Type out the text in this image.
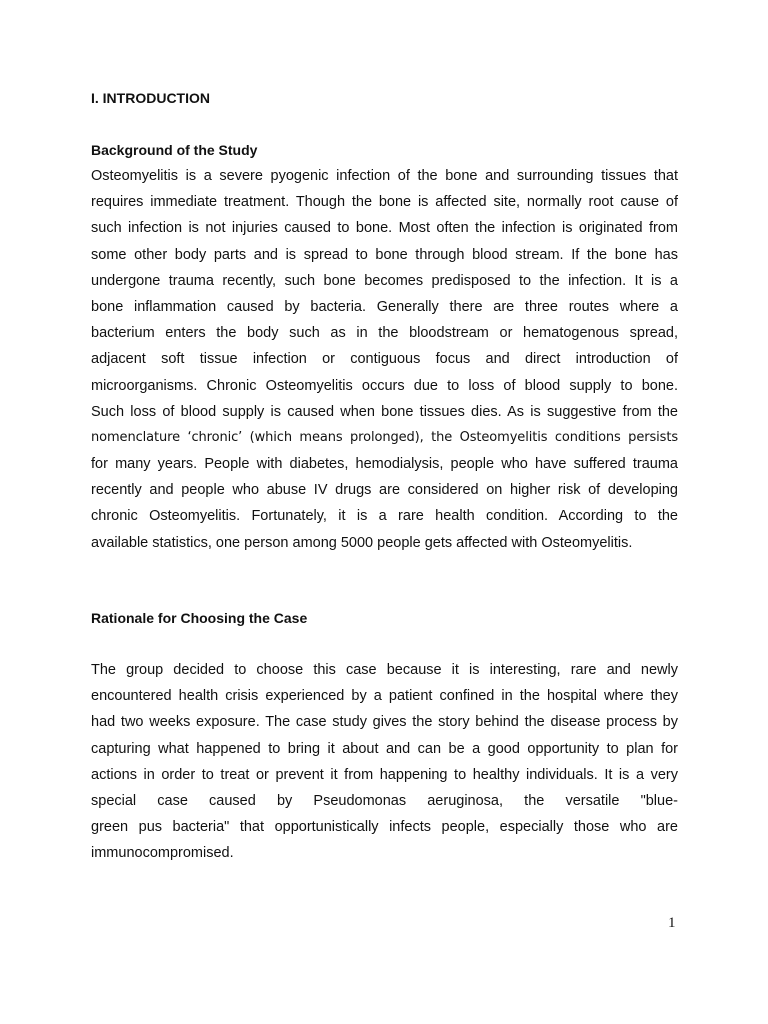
I. INTRODUCTION
Background of the Study
Osteomyelitis is a severe pyogenic infection of the bone and surrounding tissues that
requires immediate treatment. Though the bone is affected site, normally root cause of
such infection is not injuries caused to bone. Most often the infection is originated from
some other body parts and is spread to bone through blood stream. If the bone has
undergone trauma recently, such bone becomes predisposed to the infection. It is a
bone inflammation caused by bacteria. Generally there are three routes where a
bacterium enters the body such as in the bloodstream or hematogenous spread,
adjacent soft tissue infection or contiguous focus and direct introduction of
microorganisms. Chronic Osteomyelitis occurs due to loss of blood supply to bone.
Such loss of blood supply is caused when bone tissues dies. As is suggestive from the
nomenclature ‘chronic’ (which means prolonged), the Osteomyelitis conditions persists
for many years. People with diabetes, hemodialysis, people who have suffered trauma
recently and people who abuse IV drugs are considered on higher risk of developing
chronic Osteomyelitis. Fortunately, it is a rare health condition. According to the
available statistics, one person among 5000 people gets affected with Osteomyelitis.
Rationale for Choosing the Case
The group decided to choose this case because it is interesting, rare and newly
encountered health crisis experienced by a patient confined in the hospital where they
had two weeks exposure. The case study gives the story behind the disease process by
capturing what happened to bring it about and can be a good opportunity to plan for
actions in order to treat or prevent it from happening to healthy individuals. It is a very
special case caused by Pseudomonas aeruginosa, the versatile "blue-
green pus bacteria" that opportunistically infects people, especially those who are
immunocompromised.

1
